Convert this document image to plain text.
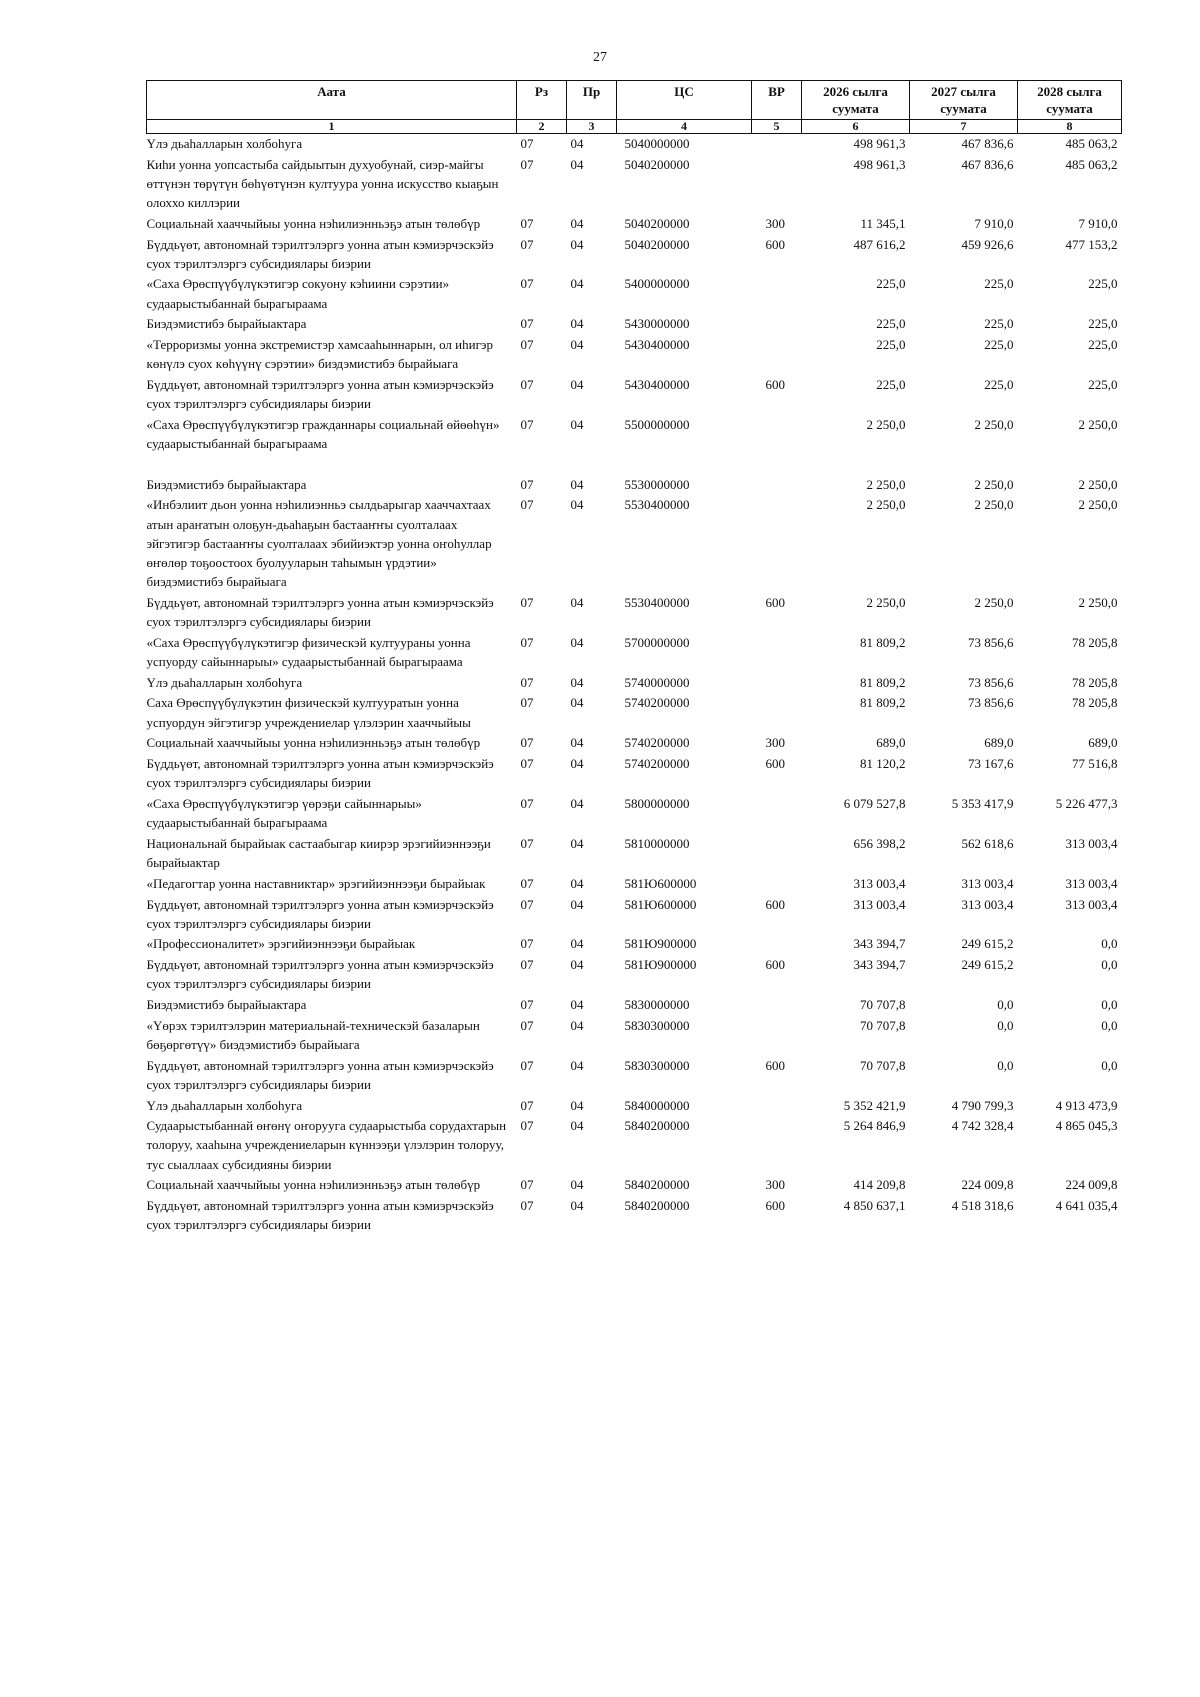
27
Аата	Рз	Пр	ЦС	ВР	2026 сылга суумата	2027 сылга суумата	2028 сылга суумата
1	2	3	4	5	6	7	8
Үлэ дьаһалларын холбоһуга	07	04	5040000000		498 961,3	467 836,6	485 063,2
Киһи уонна уопсастыба сайдыытын духуобунай, сиэр-майгы өттүнэн төрүтүн бөһүөтүнэн култуура уонна искусство кыаҕын олоххо киллэрии	07	04	5040200000		498 961,3	467 836,6	485 063,2
Социальнай хааччыйыы уонна нэһилиэнньэҕэ атын төлөбүр	07	04	5040200000	300	11 345,1	7 910,0	7 910,0
Бүддьүөт, автономнай тэрилтэлэргэ уонна атын кэмиэрчэскэйэ суох тэрилтэлэргэ субсидиялары биэрии	07	04	5040200000	600	487 616,2	459 926,6	477 153,2
«Саха Өрөспүүбүлүкэтигэр сокуону кэһиини сэрэтии» судаарыстыбаннай бырагыраама	07	04	5400000000		225,0	225,0	225,0
Биэдэмистибэ бырайыактара	07	04	5430000000		225,0	225,0	225,0
«Терроризмы уонна экстремистэр хамсааһыннарын, ол иһигэр көнүлэ суох көһүүнү сэрэтии» биэдэмистибэ бырайыага	07	04	5430400000		225,0	225,0	225,0
Бүддьүөт, автономнай тэрилтэлэргэ уонна атын кэмиэрчэскэйэ суох тэрилтэлэргэ субсидиялары биэрии	07	04	5430400000	600	225,0	225,0	225,0
«Саха Өрөспүүбүлүкэтигэр гражданнары социальнай өйөөһүн» судаарыстыбаннай бырагыраама	07	04	5500000000		2 250,0	2 250,0	2 250,0

Биэдэмистибэ бырайыактара	07	04	5530000000		2 250,0	2 250,0	2 250,0
«Инбэлиит дьон уонна нэһилиэнньэ сылдьарыгар хааччахтаах атын араҥатын олоҕун-дьаһаҕын бастааҥҥы суолталаах эйгэтигэр бастааҥҥы суолталаах эбийиэктэр уонна оҥоһуллар өҥөлөр тоҕоостоох буолууларын таһымын үрдэтии» биэдэмистибэ бырайыага	07	04	5530400000		2 250,0	2 250,0	2 250,0
Бүддьүөт, автономнай тэрилтэлэргэ уонна атын кэмиэрчэскэйэ суох тэрилтэлэргэ субсидиялары биэрии	07	04	5530400000	600	2 250,0	2 250,0	2 250,0
«Саха Өрөспүүбүлүкэтигэр физическэй култуураны уонна успуорду сайыннарыы» судаарыстыбаннай бырагыраама	07	04	5700000000		81 809,2	73 856,6	78 205,8
Үлэ дьаһалларын холбоһуга	07	04	5740000000		81 809,2	73 856,6	78 205,8
Саха Өрөспүүбүлүкэтин физическэй култууратын уонна успуордун эйгэтигэр учреждениелар үлэлэрин хааччыйыы	07	04	5740200000		81 809,2	73 856,6	78 205,8
Социальнай хааччыйыы уонна нэһилиэнньэҕэ атын төлөбүр	07	04	5740200000	300	689,0	689,0	689,0
Бүддьүөт, автономнай тэрилтэлэргэ уонна атын кэмиэрчэскэйэ суох тэрилтэлэргэ субсидиялары биэрии	07	04	5740200000	600	81 120,2	73 167,6	77 516,8
«Саха Өрөспүүбүлүкэтигэр үөрэҕи сайыннарыы» судаарыстыбаннай бырагыраама	07	04	5800000000		6 079 527,8	5 353 417,9	5 226 477,3
Национальнай бырайыак састаабыгар киирэр эрэгийиэннээҕи бырайыактар	07	04	5810000000		656 398,2	562 618,6	313 003,4
«Педагогтар уонна наставниктар» эрэгийиэннээҕи бырайыак	07	04	581Ю600000		313 003,4	313 003,4	313 003,4
Бүддьүөт, автономнай тэрилтэлэргэ уонна атын кэмиэрчэскэйэ суох тэрилтэлэргэ субсидиялары биэрии	07	04	581Ю600000	600	313 003,4	313 003,4	313 003,4
«Профессионалитет» эрэгийиэннээҕи бырайыак	07	04	581Ю900000		343 394,7	249 615,2	0,0
Бүддьүөт, автономнай тэрилтэлэргэ уонна атын кэмиэрчэскэйэ суох тэрилтэлэргэ субсидиялары биэрии	07	04	581Ю900000	600	343 394,7	249 615,2	0,0
Биэдэмистибэ бырайыактара	07	04	5830000000		70 707,8	0,0	0,0
«Үөрэх тэрилтэлэрин материальнай-техническэй базаларын бөҕөргөтүү» биэдэмистибэ бырайыага	07	04	5830300000		70 707,8	0,0	0,0
Бүддьүөт, автономнай тэрилтэлэргэ уонна атын кэмиэрчэскэйэ суох тэрилтэлэргэ субсидиялары биэрии	07	04	5830300000	600	70 707,8	0,0	0,0
Үлэ дьаһалларын холбоһуга	07	04	5840000000		5 352 421,9	4 790 799,3	4 913 473,9
Судаарыстыбаннай өҥөнү оҥорууга судаарыстыба сорудахтарын толоруу, хааһына учреждениеларын күннээҕи үлэлэрин толоруу, тус сыаллаах субсидияны биэрии	07	04	5840200000		5 264 846,9	4 742 328,4	4 865 045,3
Социальнай хааччыйыы уонна нэһилиэнньэҕэ атын төлөбүр	07	04	5840200000	300	414 209,8	224 009,8	224 009,8
Бүддьүөт, автономнай тэрилтэлэргэ уонна атын кэмиэрчэскэйэ суох тэрилтэлэргэ субсидиялары биэрии	07	04	5840200000	600	4 850 637,1	4 518 318,6	4 641 035,4
